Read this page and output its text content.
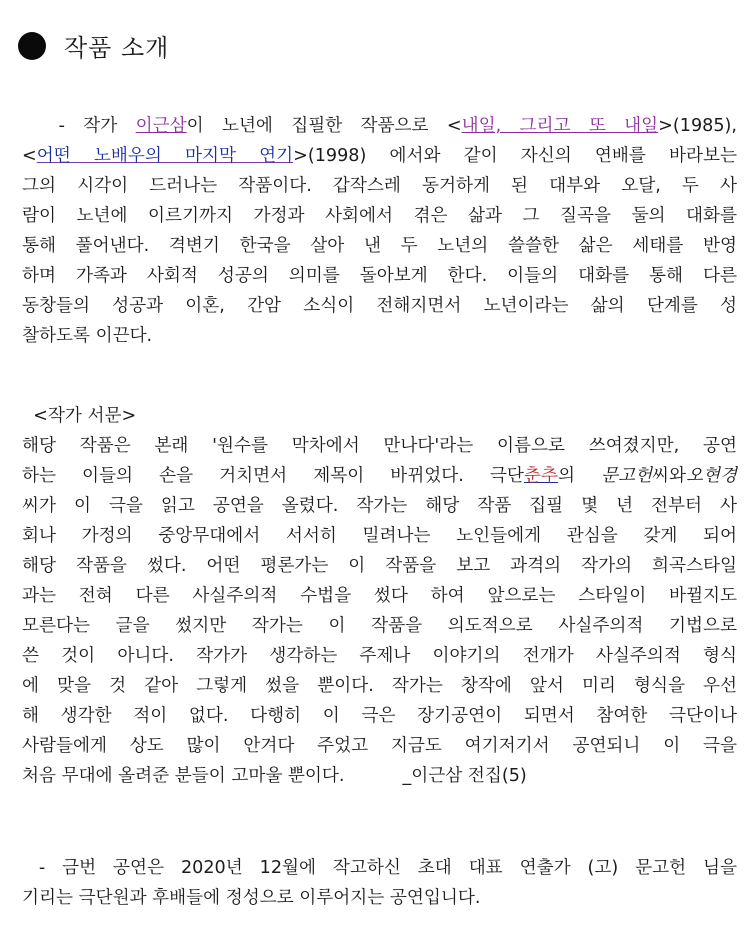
작품 소개
- 작가 이근삼이 노년에 집필한 작품으로 <내일, 그리고 또 내일>(1985),
<어떤 노배우의 마지막 연기>(1998) 에서와 같이 자신의 연배를 바라보는
그의 시각이 드러나는 작품이다. 갑작스레 동거하게 된 대부와 오달, 두 사
람이 노년에 이르기까지 가정과 사회에서 겪은 삶과 그 질곡을 둘의 대화를
통해 풀어낸다. 격변기 한국을 살아 낸 두 노년의 쓸쓸한 삶은 세태를 반영
하며 가족과 사회적 성공의 의미를 돌아보게 한다. 이들의 대화를 통해 다른
동창들의 성공과 이혼, 간암 소식이 전해지면서 노년이라는 삶의 단계를 성
찰하도록 이끈다.
<작가 서문>
해당 작품은 본래 '원수를 막차에서 만나다'라는 이름으로 쓰여졌지만, 공연
하는 이들의 손을 거치면서 제목이 바뀌었다. 극단춘추의 문고헌씨와오현경
씨가 이 극을 읽고 공연을 올렸다. 작가는 해당 작품 집필 몇 년 전부터 사
회나 가정의 중앙무대에서 서서히 밀려나는 노인들에게 관심을 갖게 되어
해당 작품을 썼다. 어떤 평론가는 이 작품을 보고 과격의 작가의 희곡스타일
과는 전혀 다른 사실주의적 수법을 썼다 하여 앞으로는 스타일이 바뀔지도
모른다는 글을 썼지만 작가는 이 작품을 의도적으로 사실주의적 기법으로
쓴 것이 아니다. 작가가 생각하는 주제나 이야기의 전개가 사실주의적 형식
에 맞을 것 같아 그렇게 썼을 뿐이다. 작가는 창작에 앞서 미리 형식을 우선
해 생각한 적이 없다. 다행히 이 극은 장기공연이 되면서 참여한 극단이나
사람들에게 상도 많이 안겨다 주었고 지금도 여기저기서 공연되니 이 극을
처음 무대에 올려준 분들이 고마울 뿐이다.	_이근삼 전집(5)
- 금번 공연은 2020년 12월에 작고하신 초대 대표 연출가 (고) 문고헌 님을
기리는 극단원과 후배들에 정성으로 이루어지는 공연입니다.
